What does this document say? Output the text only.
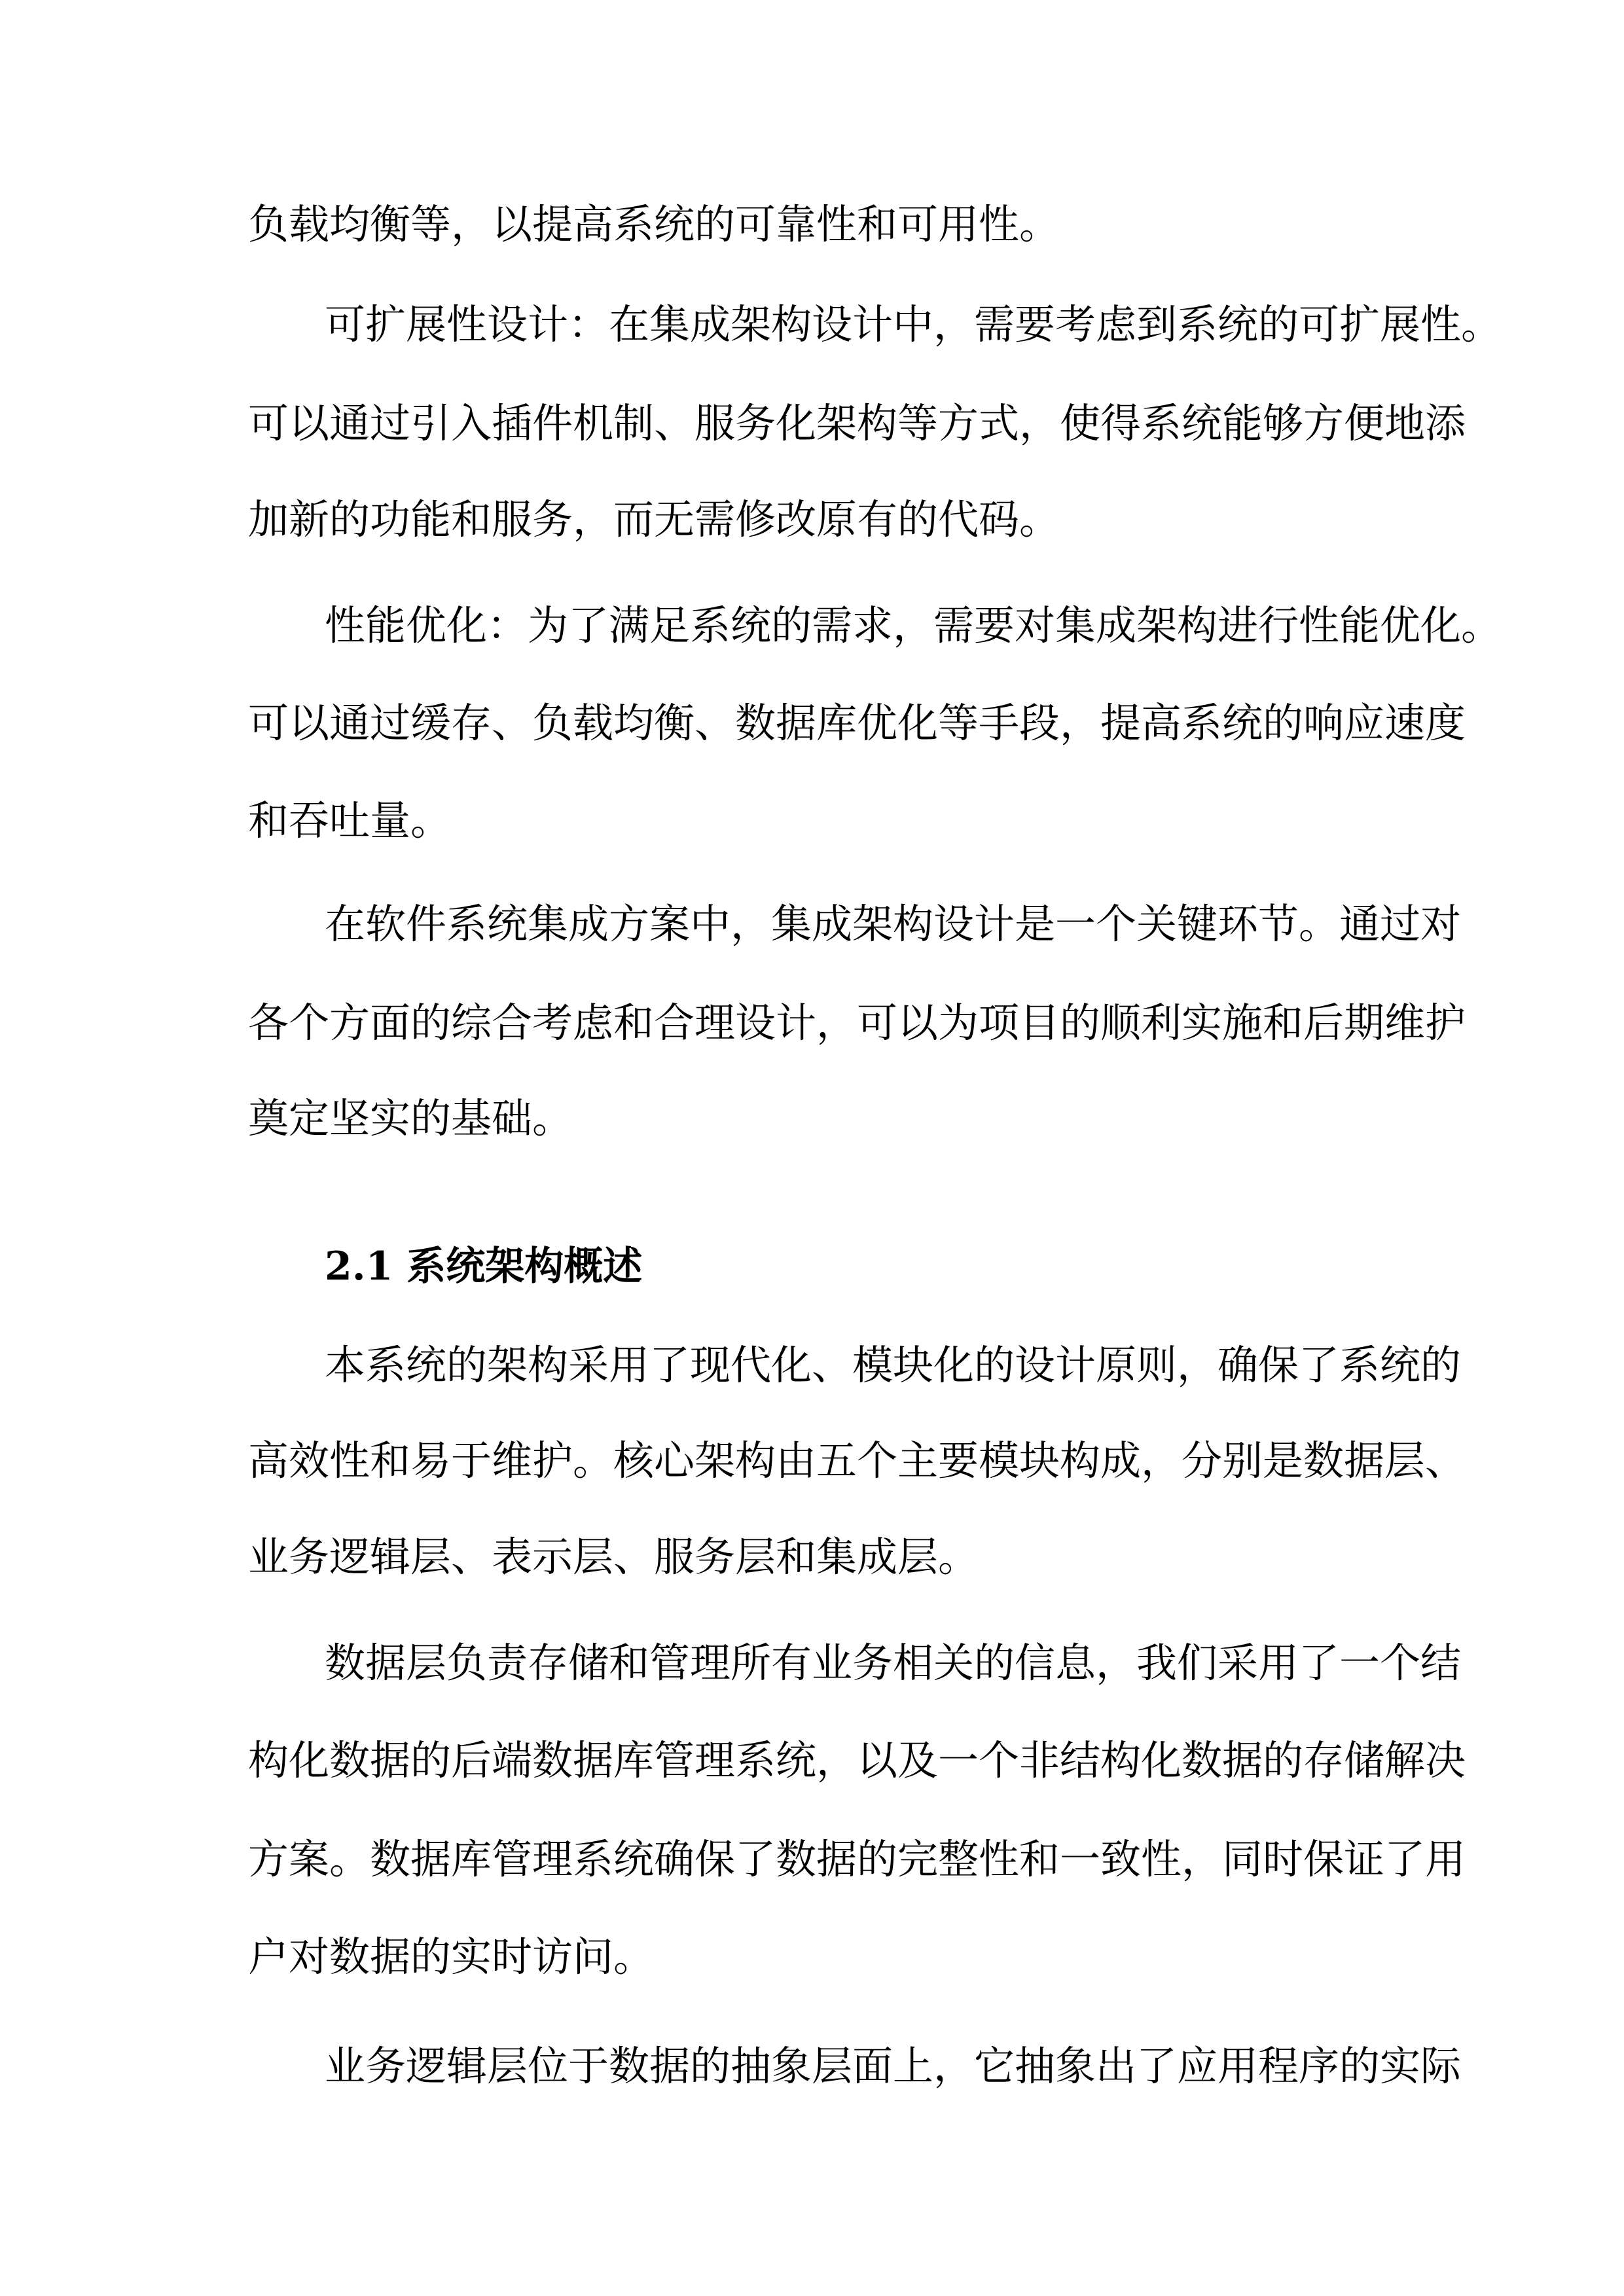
负载均衡等，以提高系统的可靠性和可用性。
可扩展性设计：在集成架构设计中，需要考虑到系统的可扩展性。
可以通过引入插件机制、服务化架构等方式，使得系统能够方便地添
加新的功能和服务，而无需修改原有的代码。
性能优化：为了满足系统的需求，需要对集成架构进行性能优化。
可以通过缓存、负载均衡、数据库优化等手段，提高系统的响应速度
和吞吐量。
在软件系统集成方案中，集成架构设计是一个关键环节。通过对
各个方面的综合考虑和合理设计，可以为项目的顺利实施和后期维护
奠定坚实的基础。
2.1 系统架构概述
本系统的架构采用了现代化、模块化的设计原则，确保了系统的
高效性和易于维护。核心架构由五个主要模块构成，分别是数据层、
业务逻辑层、表示层、服务层和集成层。
数据层负责存储和管理所有业务相关的信息，我们采用了一个结
构化数据的后端数据库管理系统，以及一个非结构化数据的存储解决
方案。数据库管理系统确保了数据的完整性和一致性，同时保证了用
户对数据的实时访问。
业务逻辑层位于数据的抽象层面上，它抽象出了应用程序的实际
